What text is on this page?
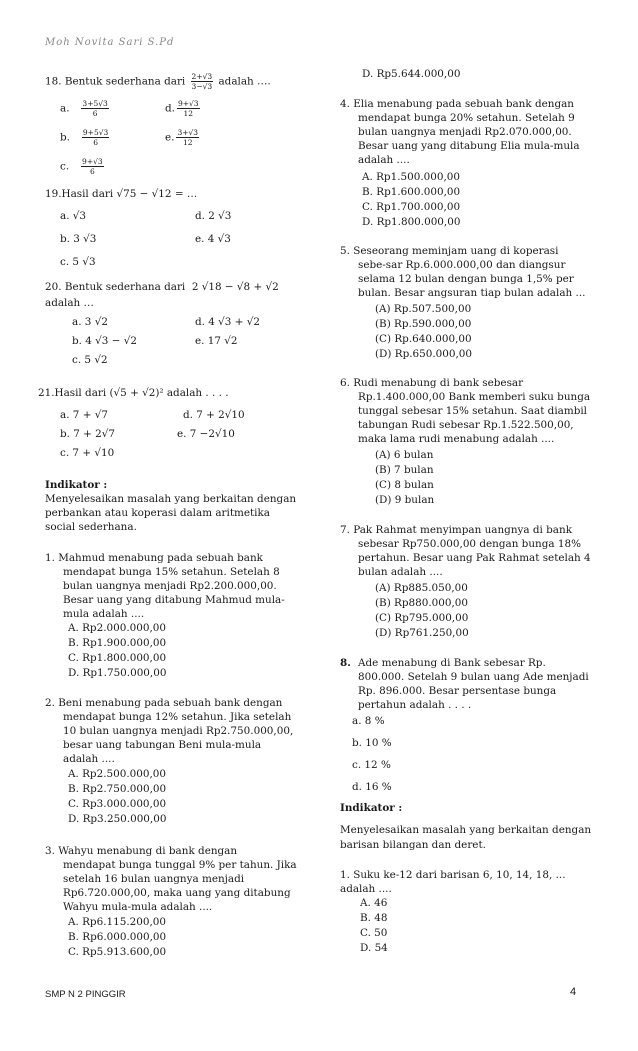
Moh Novita Sari S.Pd
18. Bentuk sederhana dari $\frac{2+√3}{3-√3}$ adalah ….
a. $\frac{3+5√3}{6}$	d. $\frac{9+√3}{12}$
b. $\frac{9+5√3}{6}$	e. $\frac{3+√3}{12}$
c. $\frac{9+√3}{6}$
19.Hasil dari √75 − √12 = …
a. √3	d. 2 √3
b. 3 √3	e. 4 √3
c. 5 √3
20. Bentuk sederhana dari 2 √18 − √8 + √2
adalah …
a. 3 √2	d. 4 √3 + √2
b. 4 √3 − √2	e. 17 √2
c. 5 √2
21.Hasil dari (√5 + √2)² adalah . . . .
a. 7 + √7	d. 7 + 2√10
b. 7 + 2√7	e. 7 −2√10
c. 7 + √10
Indikator :
Menyelesaikan masalah yang berkaitan dengan
perbankan atau koperasi dalam aritmetika
social sederhana.
1. Mahmud menabung pada sebuah bank
mendapat bunga 15% setahun. Setelah 8
bulan uangnya menjadi Rp2.200.000,00.
Besar uang yang ditabung Mahmud mula-
mula adalah ....
A. Rp2.000.000,00
B. Rp1.900.000,00
C. Rp1.800.000,00
D. Rp1.750.000,00
2. Beni menabung pada sebuah bank dengan
mendapat bunga 12% setahun. Jika setelah
10 bulan uangnya menjadi Rp2.750.000,00,
besar uang tabungan Beni mula-mula
adalah ....
A. Rp2.500.000,00
B. Rp2.750.000,00
C. Rp3.000.000,00
D. Rp3.250.000,00
3. Wahyu menabung di bank dengan
mendapat bunga tunggal 9% per tahun. Jika
setelah 16 bulan uangnya menjadi
Rp6.720.000,00, maka uang yang ditabung
Wahyu mula-mula adalah ....
A. Rp6.115.200,00
B. Rp6.000.000,00
C. Rp5.913.600,00
D. Rp5.644.000,00
4. Elia menabung pada sebuah bank dengan
mendapat bunga 20% setahun. Setelah 9
bulan uangnya menjadi Rp2.070.000,00.
Besar uang yang ditabung Elia mula-mula
adalah ....
A. Rp1.500.000,00
B. Rp1.600.000,00
C. Rp1.700.000,00
D. Rp1.800.000,00
5. Seseorang meminjam uang di koperasi
sebe-sar Rp.6.000.000,00 dan diangsur
selama 12 bulan dengan bunga 1,5% per
bulan. Besar angsuran tiap bulan adalah ...
(A) Rp.507.500,00
(B) Rp.590.000,00
(C) Rp.640.000,00
(D) Rp.650.000,00
6. Rudi menabung di bank sebesar
Rp.1.400.000,00 Bank memberi suku bunga
tunggal sebesar 15% setahun. Saat diambil
tabungan Rudi sebesar Rp.1.522.500,00,
maka lama rudi menabung adalah ....
(A) 6 bulan
(B) 7 bulan
(C) 8 bulan
(D) 9 bulan
7. Pak Rahmat menyimpan uangnya di bank
sebesar Rp750.000,00 dengan bunga 18%
pertahun. Besar uang Pak Rahmat setelah 4
bulan adalah ....
(A) Rp885.050,00
(B) Rp880.000,00
(C) Rp795.000,00
(D) Rp761.250,00
8. Ade menabung di Bank sebesar Rp.
800.000. Setelah 9 bulan uang Ade menjadi
Rp. 896.000. Besar persentase bunga
pertahun adalah . . . .
a. 8 %
b. 10 %
c. 12 %
d. 16 %
Indikator :
Menyelesaikan masalah yang berkaitan dengan
barisan bilangan dan deret.
1. Suku ke-12 dari barisan 6, 10, 14, 18, ...
adalah ....
A. 46
B. 48
C. 50
D. 54
SMP N 2 PINGGIR	4
